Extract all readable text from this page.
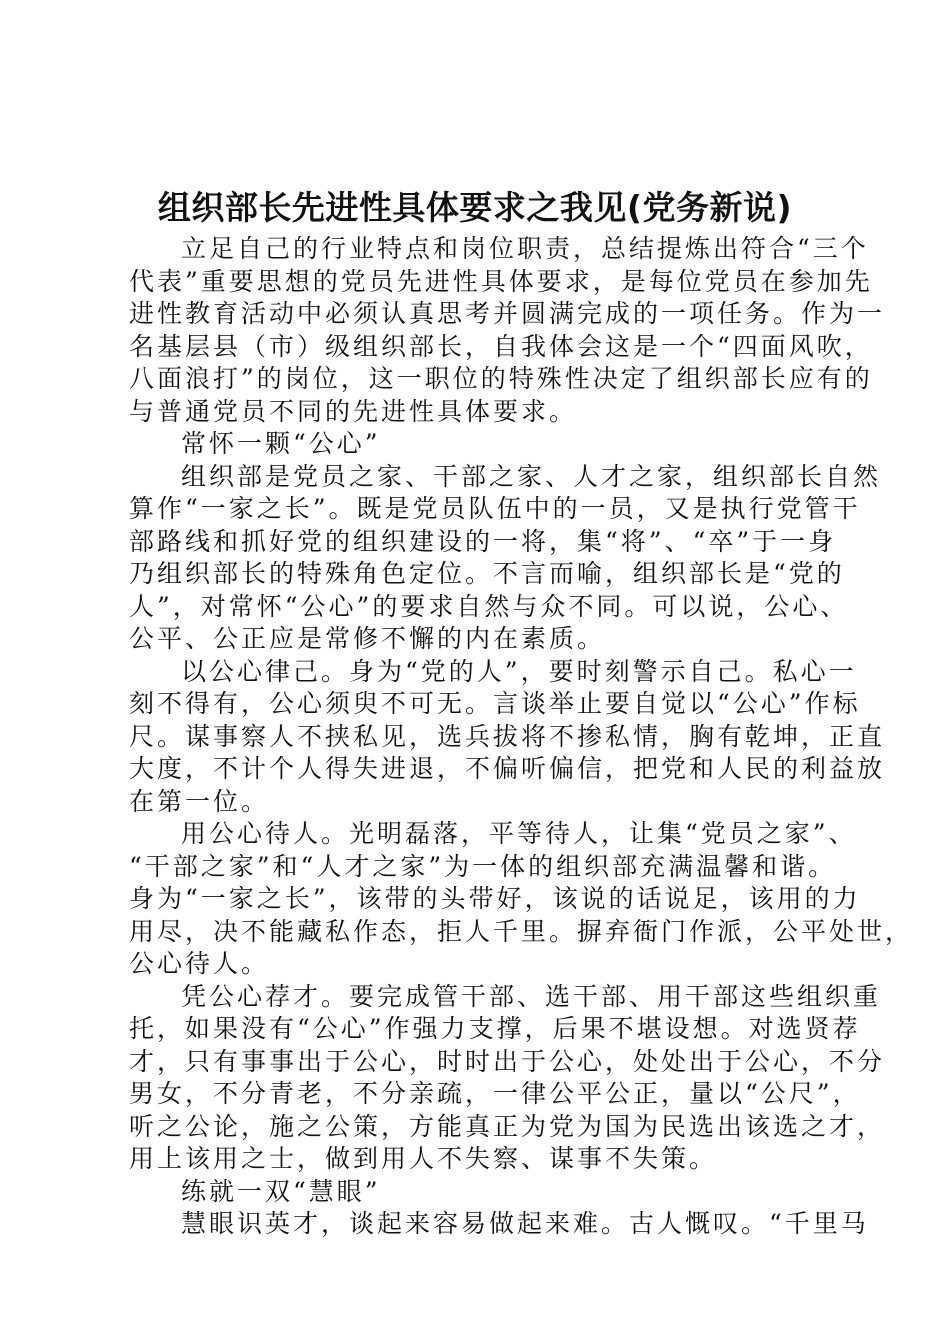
组织部长先进性具体要求之我见(党务新说)
立足自己的行业特点和岗位职责，总结提炼出符合“三个
代表”重要思想的党员先进性具体要求，是每位党员在参加先
进性教育活动中必须认真思考并圆满完成的一项任务。作为一
名基层县（市）级组织部长，自我体会这是一个“四面风吹，
八面浪打”的岗位，这一职位的特殊性决定了组织部长应有的
与普通党员不同的先进性具体要求。
常怀一颗“公心”
组织部是党员之家、干部之家、人才之家，组织部长自然
算作“一家之长”。既是党员队伍中的一员，又是执行党管干
部路线和抓好党的组织建设的一将，集“将”、“卒”于一身
乃组织部长的特殊角色定位。不言而喻，组织部长是“党的
人”，对常怀“公心”的要求自然与众不同。可以说，公心、
公平、公正应是常修不懈的内在素质。
以公心律己。身为“党的人”，要时刻警示自己。私心一
刻不得有，公心须臾不可无。言谈举止要自觉以“公心”作标
尺。谋事察人不挟私见，选兵拔将不掺私情，胸有乾坤，正直
大度，不计个人得失进退，不偏听偏信，把党和人民的利益放
在第一位。
用公心待人。光明磊落，平等待人，让集“党员之家”、
“干部之家”和“人才之家”为一体的组织部充满温馨和谐。
身为“一家之长”，该带的头带好，该说的话说足，该用的力
用尽，决不能藏私作态，拒人千里。摒弃衙门作派，公平处世，
公心待人。
凭公心荐才。要完成管干部、选干部、用干部这些组织重
托，如果没有“公心”作强力支撑，后果不堪设想。对选贤荐
才，只有事事出于公心，时时出于公心，处处出于公心，不分
男女，不分青老，不分亲疏，一律公平公正，量以“公尺”，
听之公论，施之公策，方能真正为党为国为民选出该选之才，
用上该用之士，做到用人不失察、谋事不失策。
练就一双“慧眼”
慧眼识英才，谈起来容易做起来难。古人慨叹。“千里马
